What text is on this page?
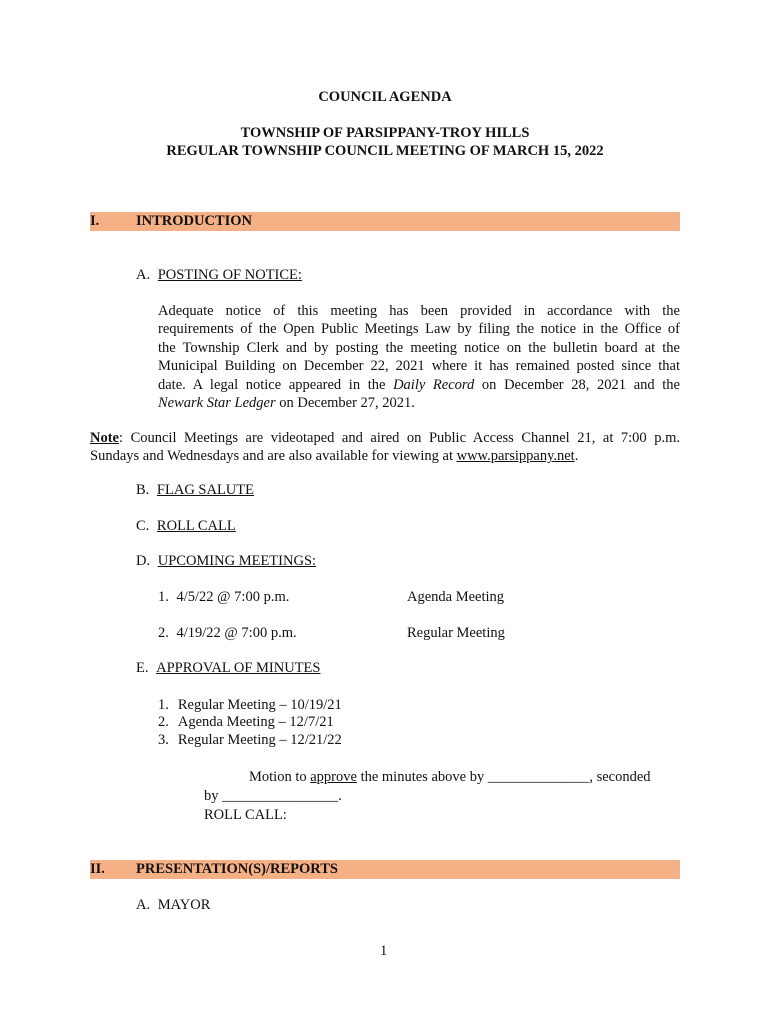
COUNCIL AGENDA
TOWNSHIP OF PARSIPPANY-TROY HILLS
REGULAR TOWNSHIP COUNCIL MEETING OF MARCH 15, 2022
I.	INTRODUCTION
A. POSTING OF NOTICE:
Adequate notice of this meeting has been provided in accordance with the
requirements of the Open Public Meetings Law by filing the notice in the Office of
the Township Clerk and by posting the meeting notice on the bulletin board at the
Municipal Building on December 22, 2021 where it has remained posted since that
date. A legal notice appeared in the Daily Record on December 28, 2021 and the
Newark Star Ledger on December 27, 2021.
Note: Council Meetings are videotaped and aired on Public Access Channel 21, at 7:00 p.m.
Sundays and Wednesdays and are also available for viewing at www.parsippany.net.
B. FLAG SALUTE
C. ROLL CALL
D. UPCOMING MEETINGS:
1. 4/5/22 @ 7:00 p.m.	Agenda Meeting
2. 4/19/22 @ 7:00 p.m.	Regular Meeting
E. APPROVAL OF MINUTES
1. Regular Meeting – 10/19/21
2. Agenda Meeting – 12/7/21
3. Regular Meeting – 12/21/22
Motion to approve the minutes above by ______________, seconded
by ________________.
ROLL CALL:
II. PRESENTATION(S)/REPORTS
A. MAYOR
1
